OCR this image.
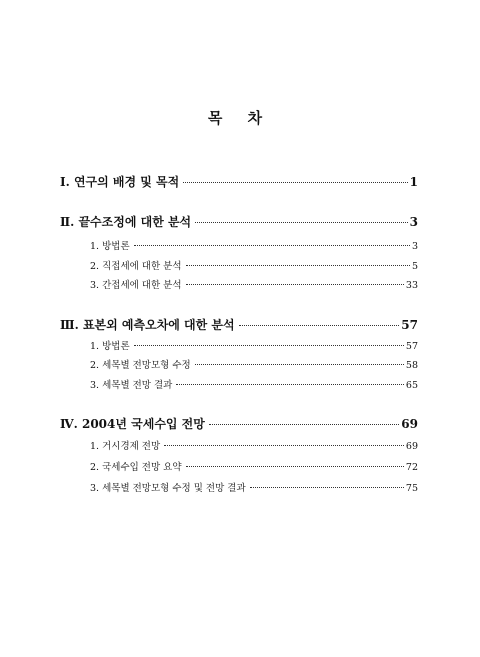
목 차
Ⅰ. 연구의 배경 및 목적	1
Ⅱ. 끝수조정에 대한 분석	3
1. 방법론	3
2. 직접세에 대한 분석	5
3. 간접세에 대한 분석	33
Ⅲ. 표본외 예측오차에 대한 분석	57
1. 방법론	57
2. 세목별 전망모형 수정	58
3. 세목별 전망 결과	65
Ⅳ. 2004년 국세수입 전망	69
1. 거시경제 전망	69
2. 국세수입 전망 요약	72
3. 세목별 전망모형 수정 및 전망 결과	75
